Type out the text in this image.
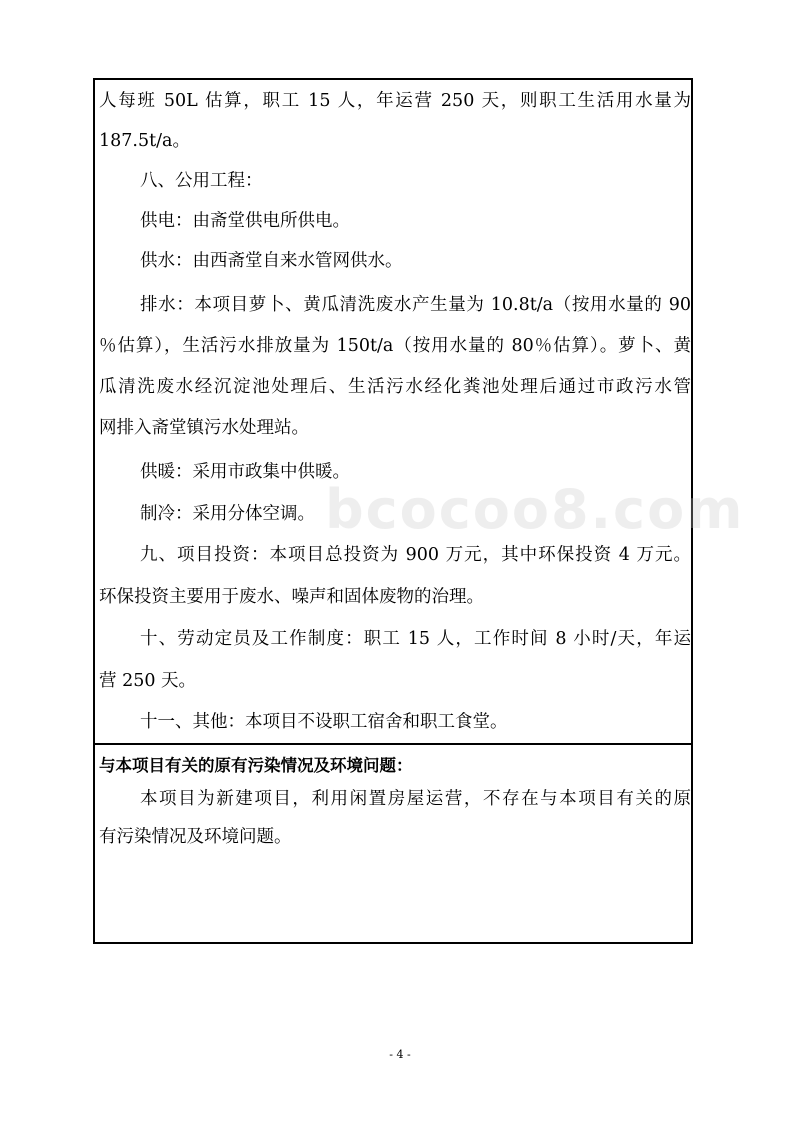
人每班 50L 估算，职工 15 人，年运营 250 天，则职工生活用水量为
187.5t/a。
八、公用工程：
供电：由斋堂供电所供电。
供水：由西斋堂自来水管网供水。
排水：本项目萝卜、黄瓜清洗废水产生量为 10.8t/a（按用水量的 90
％估算），生活污水排放量为 150t/a（按用水量的 80％估算）。萝卜、黄
瓜清洗废水经沉淀池处理后、生活污水经化粪池处理后通过市政污水管
网排入斋堂镇污水处理站。
供暖：采用市政集中供暖。
制冷：采用分体空调。
九、项目投资：本项目总投资为 900 万元，其中环保投资 4 万元。
环保投资主要用于废水、噪声和固体废物的治理。
十、劳动定员及工作制度：职工 15 人，工作时间 8 小时/天，年运
营 250 天。
十一、其他：本项目不设职工宿舍和职工食堂。
与本项目有关的原有污染情况及环境问题：
本项目为新建项目，利用闲置房屋运营，不存在与本项目有关的原
有污染情况及环境问题。
bcocoo8.com
- 4 -
